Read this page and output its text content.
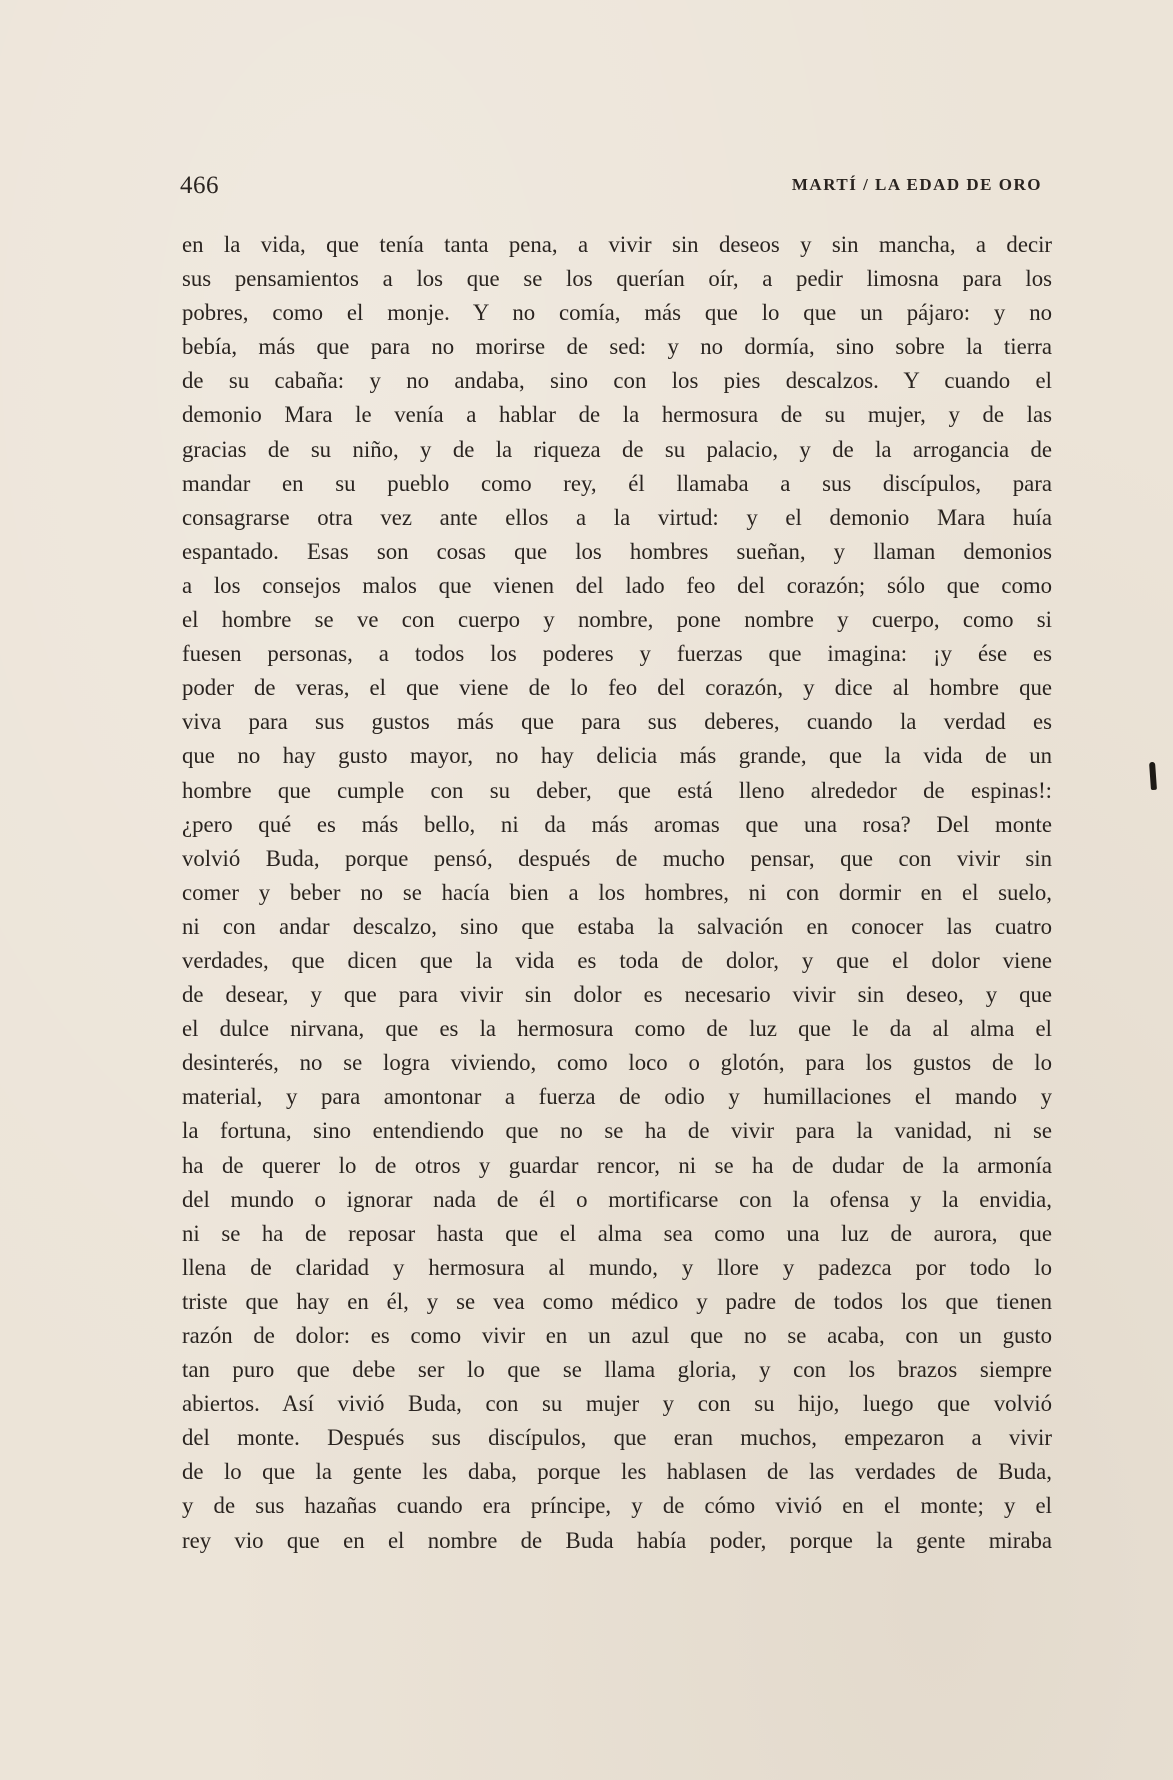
466	MARTÍ / LA EDAD DE ORO
en la vida, que tenía tanta pena, a vivir sin deseos y sin mancha, a decir
sus pensamientos a los que se los querían oír, a pedir limosna para los
pobres, como el monje. Y no comía, más que lo que un pájaro: y no
bebía, más que para no morirse de sed: y no dormía, sino sobre la tierra
de su cabaña: y no andaba, sino con los pies descalzos. Y cuando el
demonio Mara le venía a hablar de la hermosura de su mujer, y de las
gracias de su niño, y de la riqueza de su palacio, y de la arrogancia de
mandar en su pueblo como rey, él llamaba a sus discípulos, para
consagrarse otra vez ante ellos a la virtud: y el demonio Mara huía
espantado. Esas son cosas que los hombres sueñan, y llaman demonios
a los consejos malos que vienen del lado feo del corazón; sólo que como
el hombre se ve con cuerpo y nombre, pone nombre y cuerpo, como si
fuesen personas, a todos los poderes y fuerzas que imagina: ¡y ése es
poder de veras, el que viene de lo feo del corazón, y dice al hombre que
viva para sus gustos más que para sus deberes, cuando la verdad es
que no hay gusto mayor, no hay delicia más grande, que la vida de un
hombre que cumple con su deber, que está lleno alrededor de espinas!:
¿pero qué es más bello, ni da más aromas que una rosa? Del monte
volvió Buda, porque pensó, después de mucho pensar, que con vivir sin
comer y beber no se hacía bien a los hombres, ni con dormir en el suelo,
ni con andar descalzo, sino que estaba la salvación en conocer las cuatro
verdades, que dicen que la vida es toda de dolor, y que el dolor viene
de desear, y que para vivir sin dolor es necesario vivir sin deseo, y que
el dulce nirvana, que es la hermosura como de luz que le da al alma el
desinterés, no se logra viviendo, como loco o glotón, para los gustos de lo
material, y para amontonar a fuerza de odio y humillaciones el mando y
la fortuna, sino entendiendo que no se ha de vivir para la vanidad, ni se
ha de querer lo de otros y guardar rencor, ni se ha de dudar de la armonía
del mundo o ignorar nada de él o mortificarse con la ofensa y la envidia,
ni se ha de reposar hasta que el alma sea como una luz de aurora, que
llena de claridad y hermosura al mundo, y llore y padezca por todo lo
triste que hay en él, y se vea como médico y padre de todos los que tienen
razón de dolor: es como vivir en un azul que no se acaba, con un gusto
tan puro que debe ser lo que se llama gloria, y con los brazos siempre
abiertos. Así vivió Buda, con su mujer y con su hijo, luego que volvió
del monte. Después sus discípulos, que eran muchos, empezaron a vivir
de lo que la gente les daba, porque les hablasen de las verdades de Buda,
y de sus hazañas cuando era príncipe, y de cómo vivió en el monte; y el
rey vio que en el nombre de Buda había poder, porque la gente miraba
